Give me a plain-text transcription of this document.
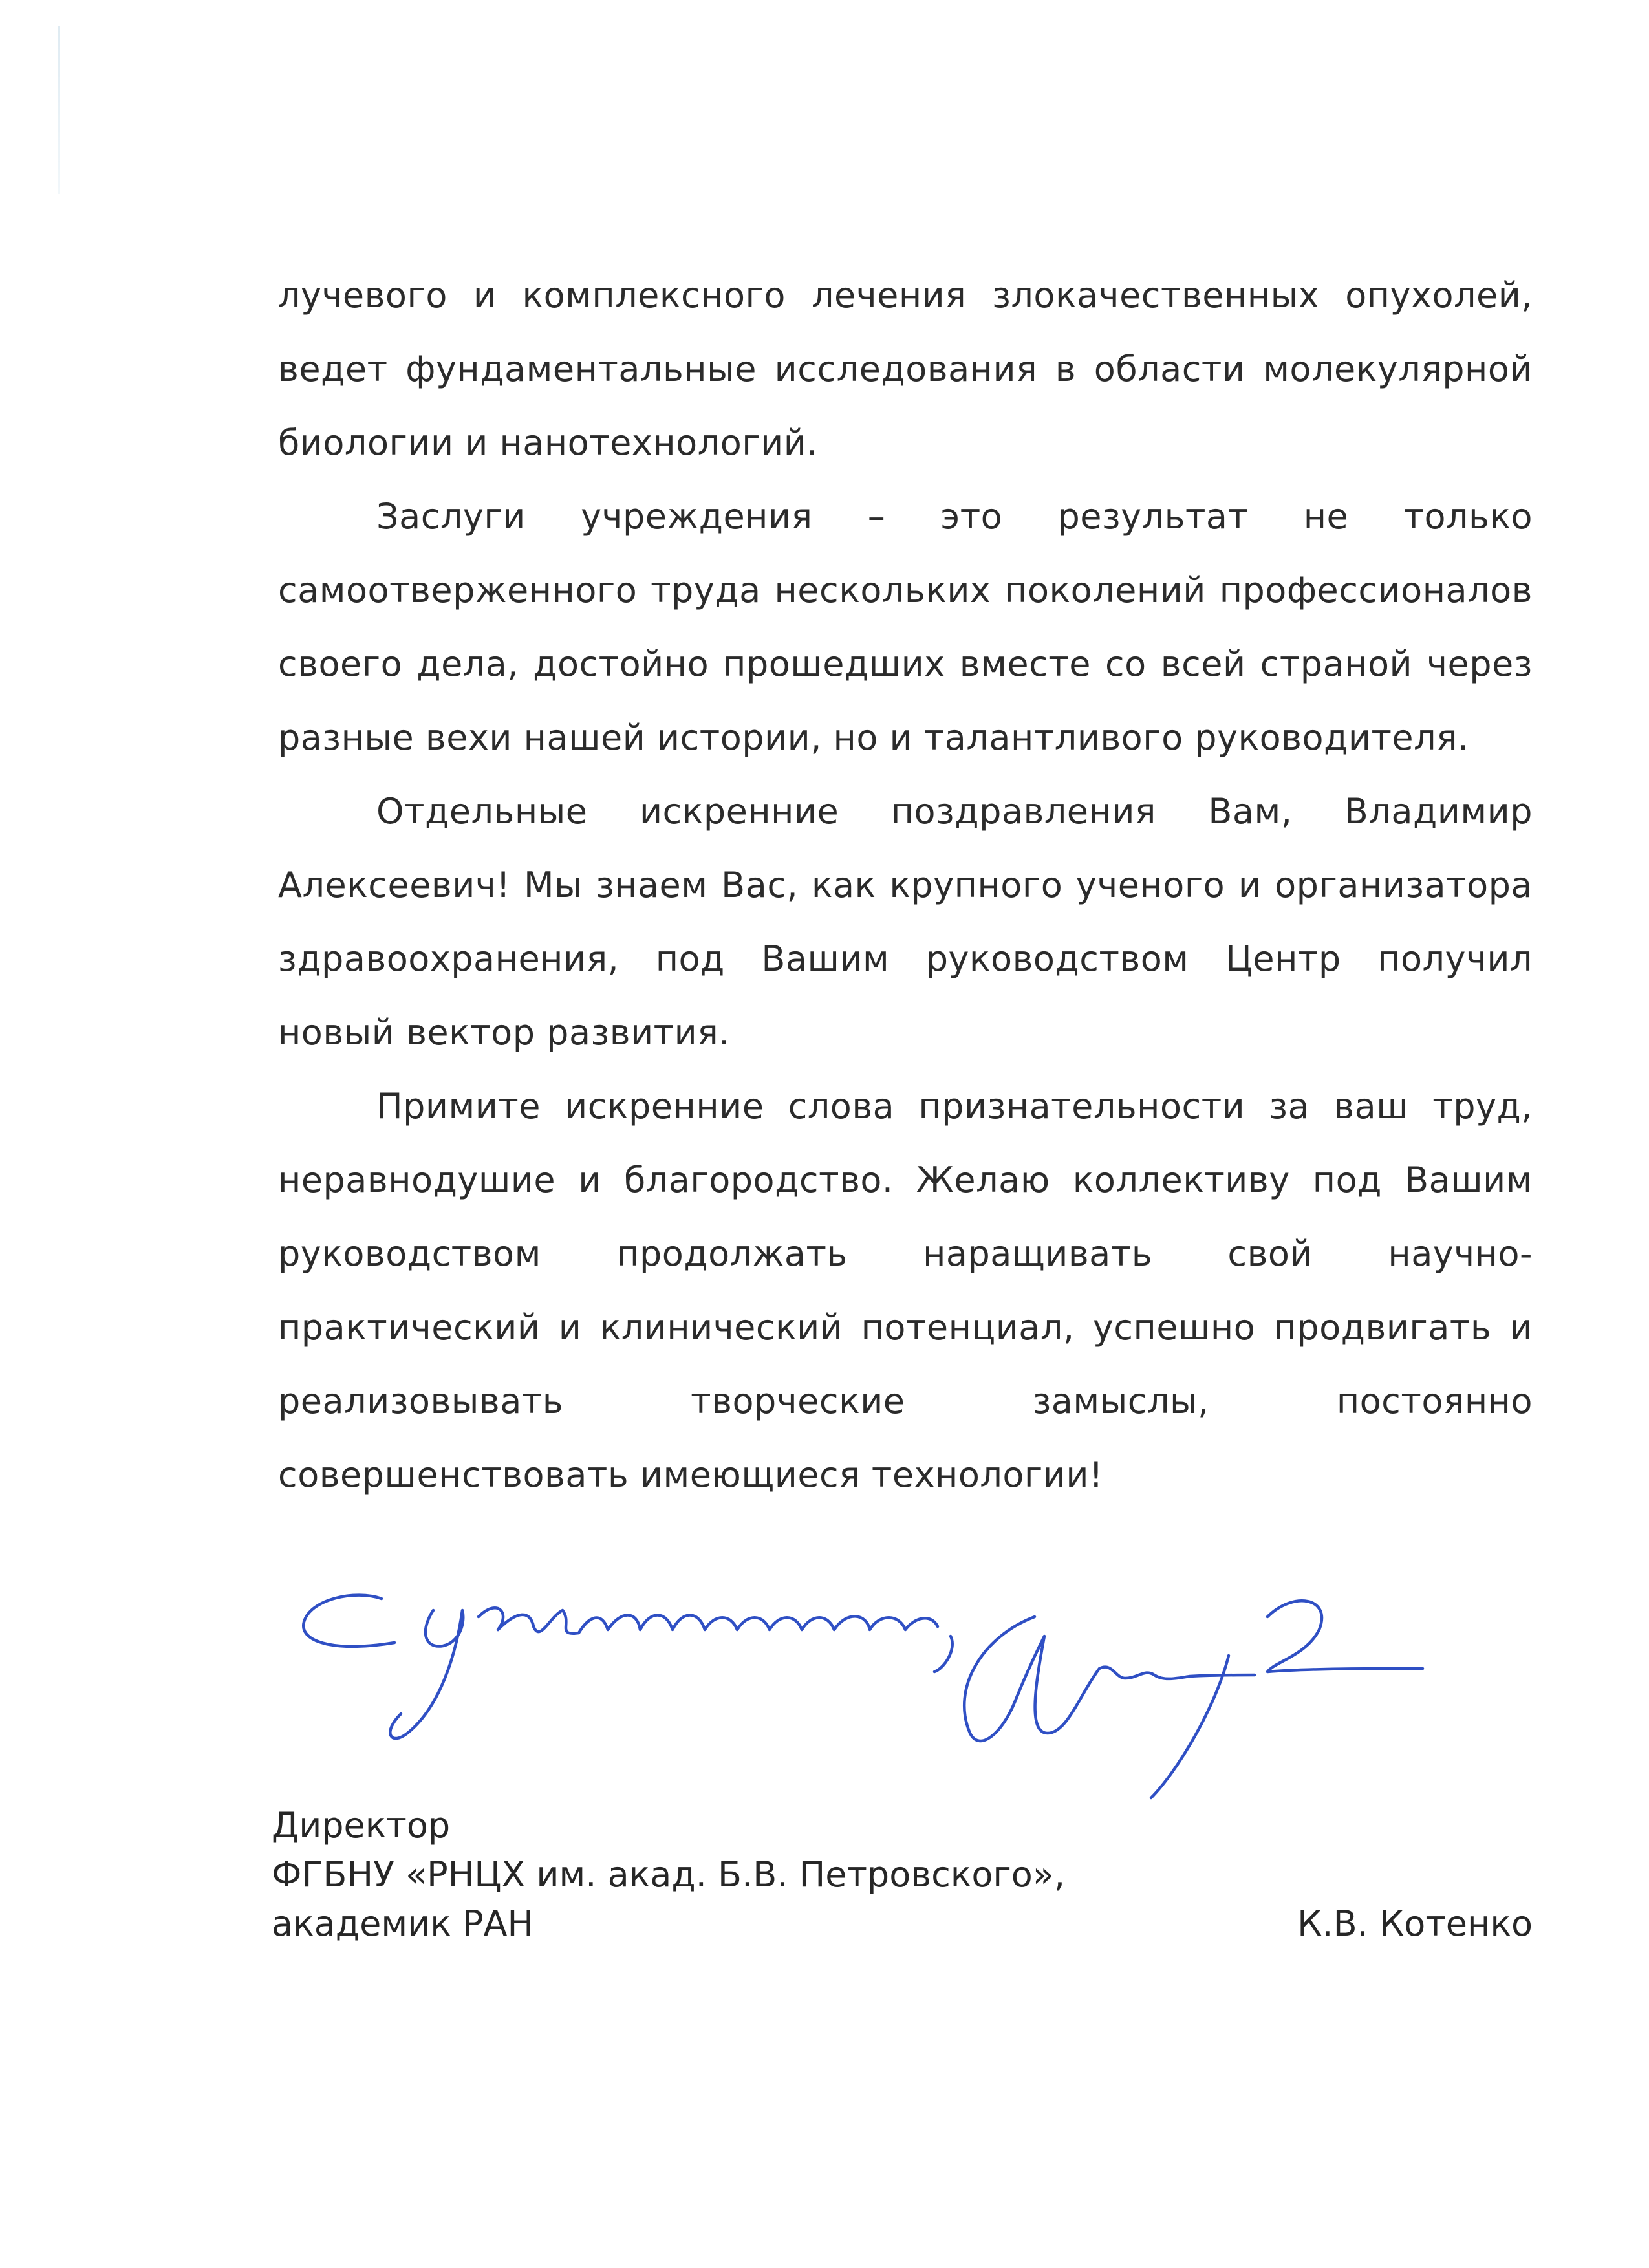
лучевого и комплексного лечения злокачественных опухолей, ведет фундаментальные исследования в области молекулярной биологии и нанотехнологий.

Заслуги учреждения – это результат не только самоотверженного труда нескольких поколений профессионалов своего дела, достойно прошедших вместе со всей страной через разные вехи нашей истории, но и талантливого руководителя.

Отдельные искренние поздравления Вам, Владимир Алексеевич! Мы знаем Вас, как крупного ученого и организатора здравоохранения, под Вашим руководством Центр получил новый вектор развития.

Примите искренние слова признательности за ваш труд, неравнодушие и благородство. Желаю коллективу под Вашим руководством продолжать наращивать свой научно-практический и клинический потенциал, успешно продвигать и реализовывать творческие замыслы, постоянно совершенствовать имеющиеся технологии!

Директор
ФГБНУ «РНЦХ им. акад. Б.В. Петровского»,
академик РАН	К.В. Котенко
